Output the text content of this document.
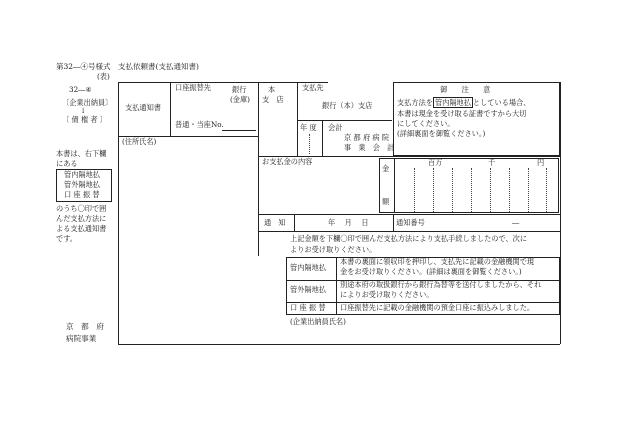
第32―④号様式　支払依頼書(支払通知書)
(表)
32―④
〔企業出納員〕
↓
〔 債 権 者 〕
本書は、右下欄
にある
管内隔地払
管外隔地払
口 座 振 替
のうち〇印で囲
んだ支払方法に
よる支払通知書
です。
京　都　府
病院事業
支払通知書
口座振替先	銀行
(金庫)
本
支　店
普通・当座No.
支払先
銀行（本）支店
年 度 会計
京 都 府 病 院
事　業　会　計
(住所氏名)
御　　注　　意
支払方法を 管内隔地払 としている場合、
本書は現金を受け取る証書ですから大切
にしてください。
(詳細裏面を御覧ください。)
お支払金の内容
金
額
百万	千	円
通　知	年　 月　 日	通知番号	―
上記金額を下欄〇印で囲んだ支払方法により支払手続しましたので、次に
よりお受け取りください。
管内隔地払
本書の裏面に領収印を押印し、支払先に記載の金融機関で現
金をお受け取りください。(詳細は裏面を御覧ください。)
管外隔地払
別途本府の取扱銀行から銀行為替等を送付しましたから、それ
によりお受け取りください。
口 座 振 替 口座振替先に記載の金融機関の預金口座に振込みしました。
(企業出納員氏名)
